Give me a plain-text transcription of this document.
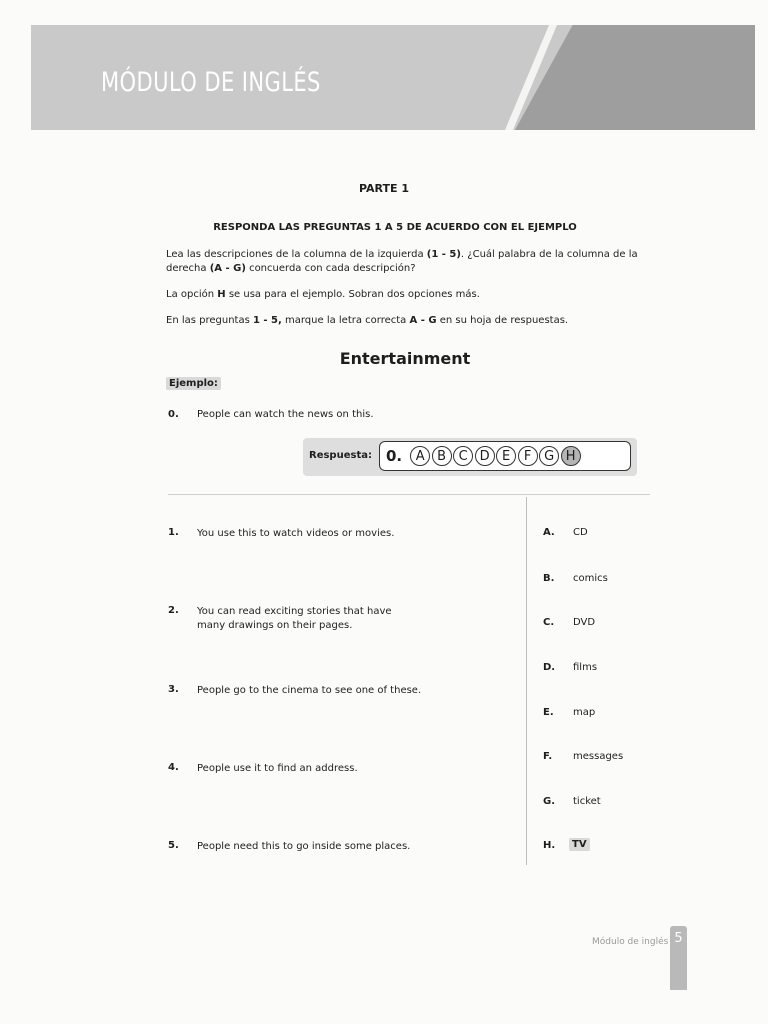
MÓDULO DE INGLÉS
PARTE 1
RESPONDA LAS PREGUNTAS 1 A 5 DE ACUERDO CON EL EJEMPLO
Lea las descripciones de la columna de la izquierda (1 - 5). ¿Cuál palabra de la columna de la derecha (A - G) concuerda con cada descripción?
La opción H se usa para el ejemplo. Sobran dos opciones más.
En las preguntas 1 - 5, marque la letra correcta A - G en su hoja de respuestas.
Entertainment
Ejemplo:
0. People can watch the news on this.
Respuesta: 0.	A B C D E	F G H
1. You use this to watch videos or movies.
2. You can read exciting stories that have many drawings on their pages.
3. People go to the cinema to see one of these.
4. People use it to find an address.
5. People need this to go inside some places.
A. CD
B. comics
C. DVD
D. films
E. map
F. messages
G. ticket
H.	TV
Módulo de inglés 5
